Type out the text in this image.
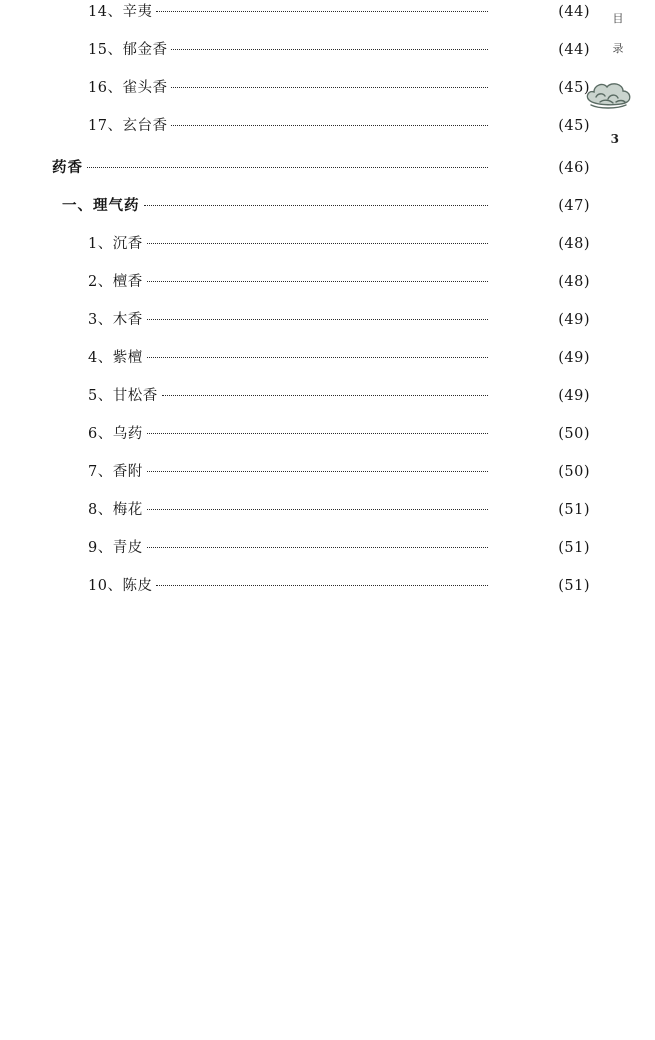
14、辛夷	(44)
15、郁金香	(44)
16、雀头香	(45)
17、玄台香	(45)
药香	(46)
一、理气药	(47)
1、沉香	(48)
2、檀香	(48)
3、木香	(49)
4、紫檀	(49)
5、甘松香	(49)
6、乌药	(50)
7、香附	(50)
8、梅花	(51)
9、青皮	(51)
10、陈皮	(51)
目
录
3
